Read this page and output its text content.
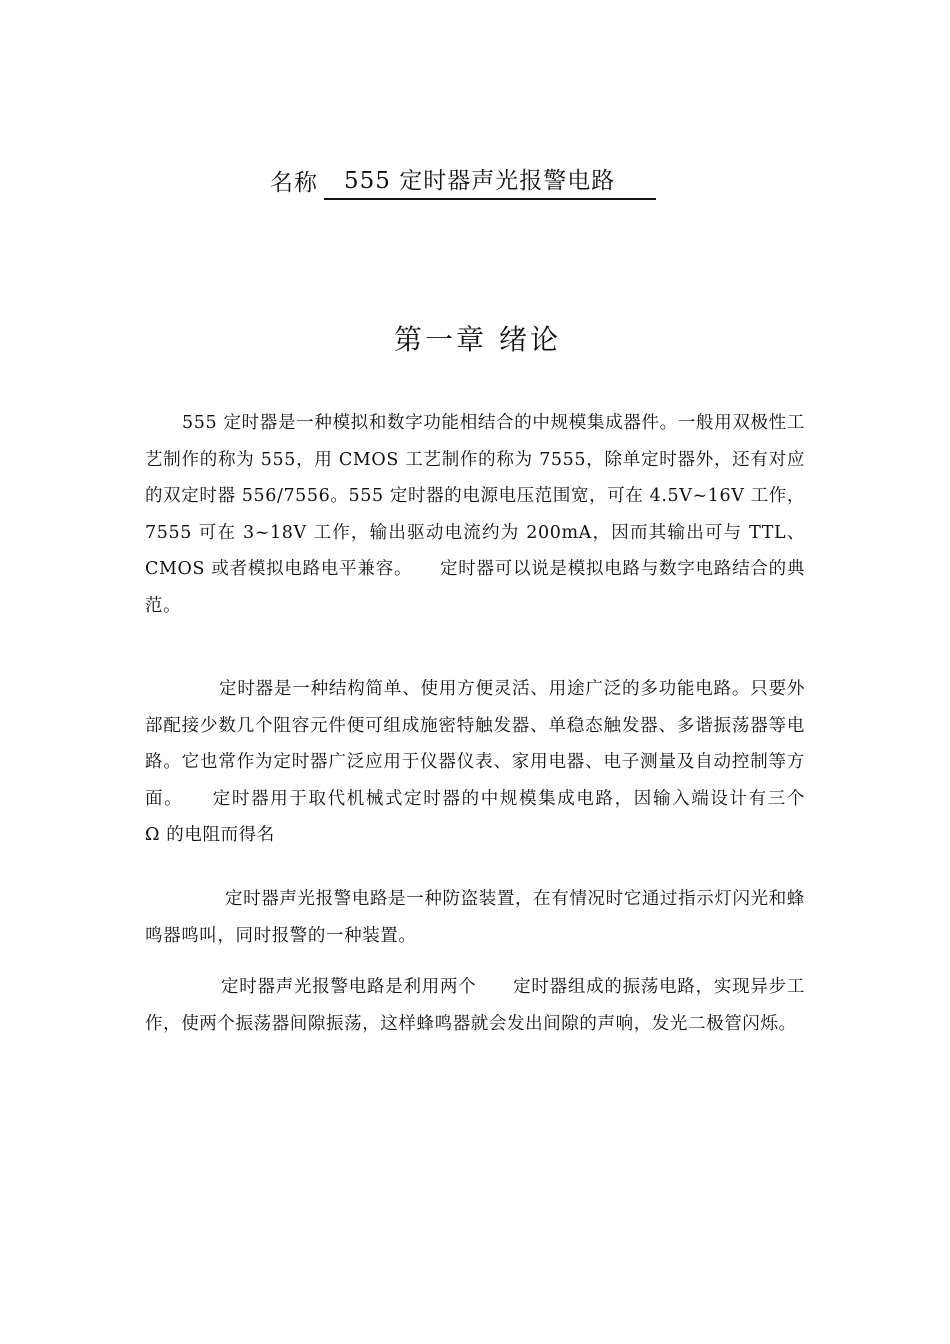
名称	555 定时器声光报警电路
第一章 绪论

555 定时器是一种模拟和数字功能相结合的中规模集成器件。一般用双极性工艺制作的称为 555，用 CMOS 工艺制作的称为 7555，除单定时器外，还有对应的双定时器 556/7556。555 定时器的电源电压范围宽，可在 4.5V~16V 工作，7555 可在 3~18V 工作，输出驱动电流约为 200mA，因而其输出可与 TTL、CMOS 或者模拟电路电平兼容。　　定时器可以说是模拟电路与数字电路结合的典范。

定时器是一种结构简单、使用方便灵活、用途广泛的多功能电路。只要外部配接少数几个阻容元件便可组成施密特触发器、单稳态触发器、多谐振荡器等电路。它也常作为定时器广泛应用于仪器仪表、家用电器、电子测量及自动控制等方面。　　定时器用于取代机械式定时器的中规模集成电路，因输入端设计有三个　 Ω 的电阻而得名

定时器声光报警电路是一种防盗装置，在有情况时它通过指示灯闪光和蜂鸣器鸣叫，同时报警的一种装置。

定时器声光报警电路是利用两个　　定时器组成的振荡电路，实现异步工作，使两个振荡器间隙振荡，这样蜂鸣器就会发出间隙的声响，发光二极管闪烁。
